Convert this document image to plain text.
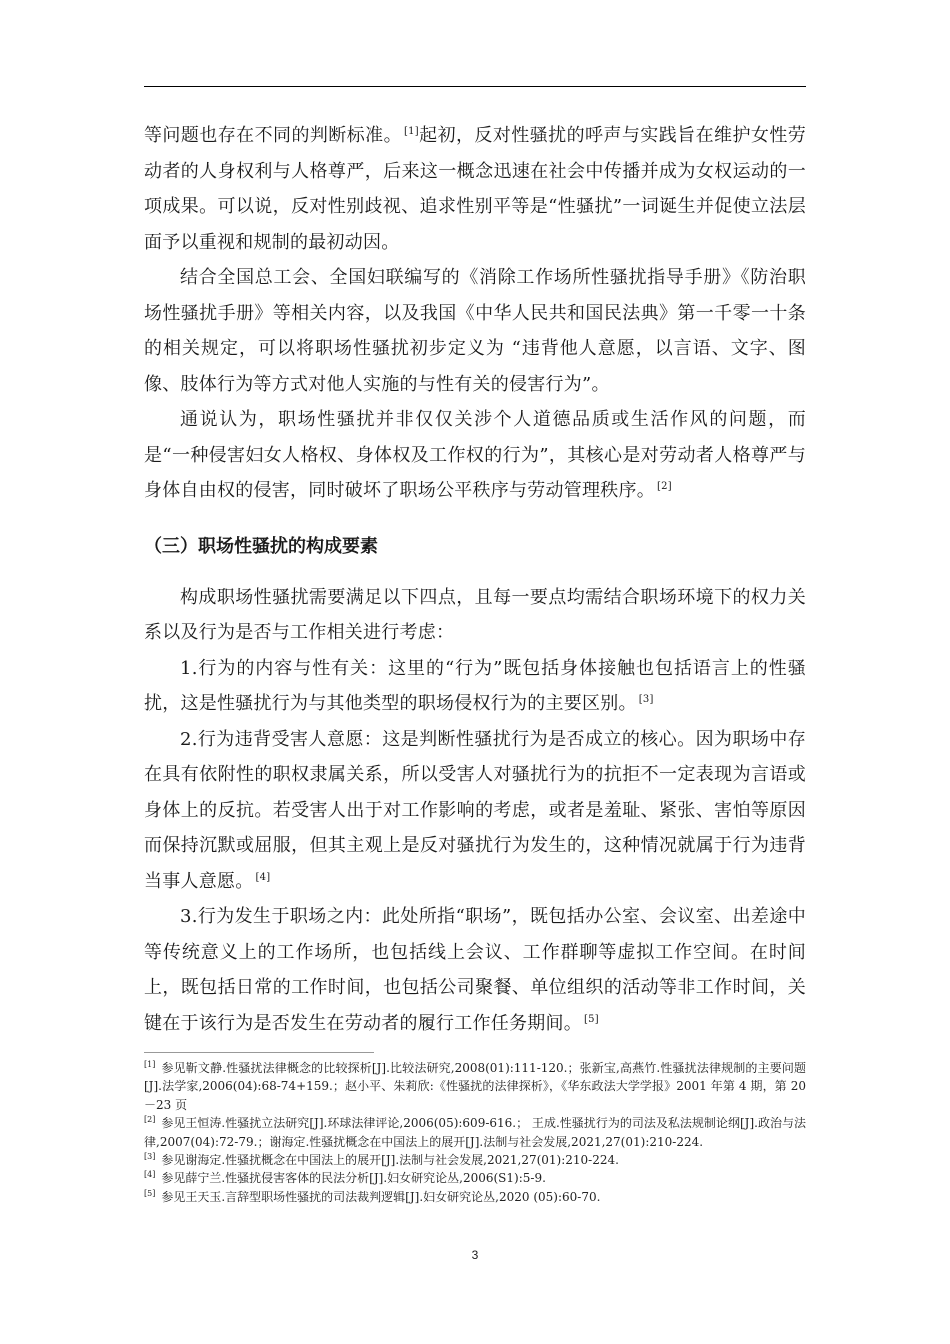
等问题也存在不同的判断标准。 [1]起初，反对性骚扰的呼声与实践旨在维护女性劳动者的人身权利与人格尊严，后来这一概念迅速在社会中传播并成为女权运动的一项成果。可以说，反对性别歧视、追求性别平等是“性骚扰”一词诞生并促使立法层面予以重视和规制的最初动因。

结合全国总工会、全国妇联编写的《消除工作场所性骚扰指导手册》《防治职场性骚扰手册》等相关内容，以及我国《中华人民共和国民法典》第一千零一十条的相关规定，可以将职场性骚扰初步定义为 “违背他人意愿，以言语、文字、图像、肢体行为等方式对他人实施的与性有关的侵害行为”。

通说认为，职场性骚扰并非仅仅关涉个人道德品质或生活作风的问题，而是“一种侵害妇女人格权、身体权及工作权的行为”，其核心是对劳动者人格尊严与身体自由权的侵害，同时破坏了职场公平秩序与劳动管理秩序。 [2]

（三）职场性骚扰的构成要素

构成职场性骚扰需要满足以下四点，且每一要点均需结合职场环境下的权力关系以及行为是否与工作相关进行考虑：

1.行为的内容与性有关：这里的“行为”既包括身体接触也包括语言上的性骚扰，这是性骚扰行为与其他类型的职场侵权行为的主要区别。 [3]

2.行为违背受害人意愿：这是判断性骚扰行为是否成立的核心。因为职场中存在具有依附性的职权隶属关系，所以受害人对骚扰行为的抗拒不一定表现为言语或身体上的反抗。若受害人出于对工作影响的考虑，或者是羞耻、紧张、害怕等原因而保持沉默或屈服，但其主观上是反对骚扰行为发生的，这种情况就属于行为违背当事人意愿。 [4]

3.行为发生于职场之内：此处所指“职场”，既包括办公室、会议室、出差途中等传统意义上的工作场所，也包括线上会议、工作群聊等虚拟工作空间。在时间上，既包括日常的工作时间，也包括公司聚餐、单位组织的活动等非工作时间，关键在于该行为是否发生在劳动者的履行工作任务期间。 [5]

[1] 参见靳文静.性骚扰法律概念的比较探析[J].比较法研究,2008(01):111-120.；张新宝,高燕竹.性骚扰法律规制的主要问题[J].法学家,2006(04):68-74+159.；赵小平、朱莉欣:《性骚扰的法律探析》，《华东政法大学学报》2001 年第 4 期，第 20－23 页

[2] 参见王恒涛.性骚扰立法研究[J].环球法律评论,2006(05):609-616.； 王成.性骚扰行为的司法及私法规制论纲[J].政治与法律,2007(04):72-79.；谢海定.性骚扰概念在中国法上的展开[J].法制与社会发展,2021,27(01):210-224.

[3] 参见谢海定.性骚扰概念在中国法上的展开[J].法制与社会发展,2021,27(01):210-224.

[4] 参见薛宁兰.性骚扰侵害客体的民法分析[J].妇女研究论丛,2006(S1):5-9.

[5] 参见王天玉.言辞型职场性骚扰的司法裁判逻辑[J].妇女研究论丛,2020 (05):60-70.

3
